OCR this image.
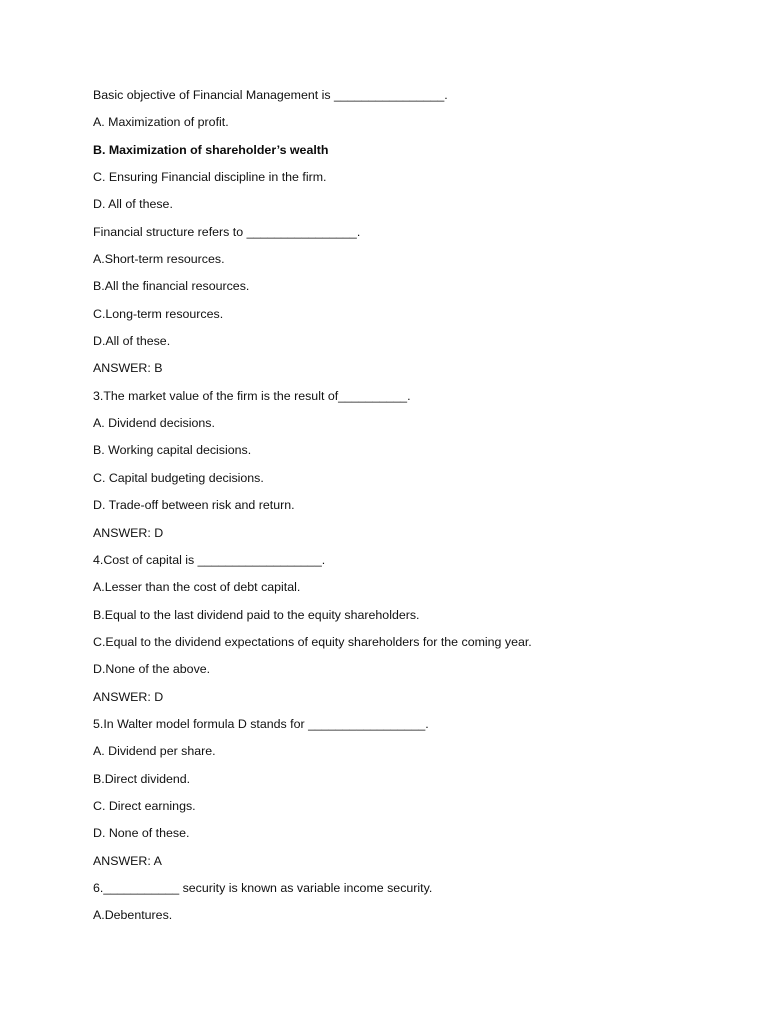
Basic objective of Financial Management is ________________.
A. Maximization of profit.
B. Maximization of shareholder’s wealth
C. Ensuring Financial discipline in the firm.
D. All of these.
Financial structure refers to ________________.
A.Short-term resources.
B.All the financial resources.
C.Long-term resources.
D.All of these.
ANSWER: B
3.The market value of the firm is the result of__________.
A. Dividend decisions.
B. Working capital decisions.
C. Capital budgeting decisions.
D. Trade-off between risk and return.
ANSWER: D
4.Cost of capital is __________________.
A.Lesser than the cost of debt capital.
B.Equal to the last dividend paid to the equity shareholders.
C.Equal to the dividend expectations of equity shareholders for the coming year.
D.None of the above.
ANSWER: D
5.In Walter model formula D stands for _________________.
A. Dividend per share.
B.Direct dividend.
C. Direct earnings.
D. None of these.
ANSWER: A
6.___________ security is known as variable income security.
A.Debentures.
